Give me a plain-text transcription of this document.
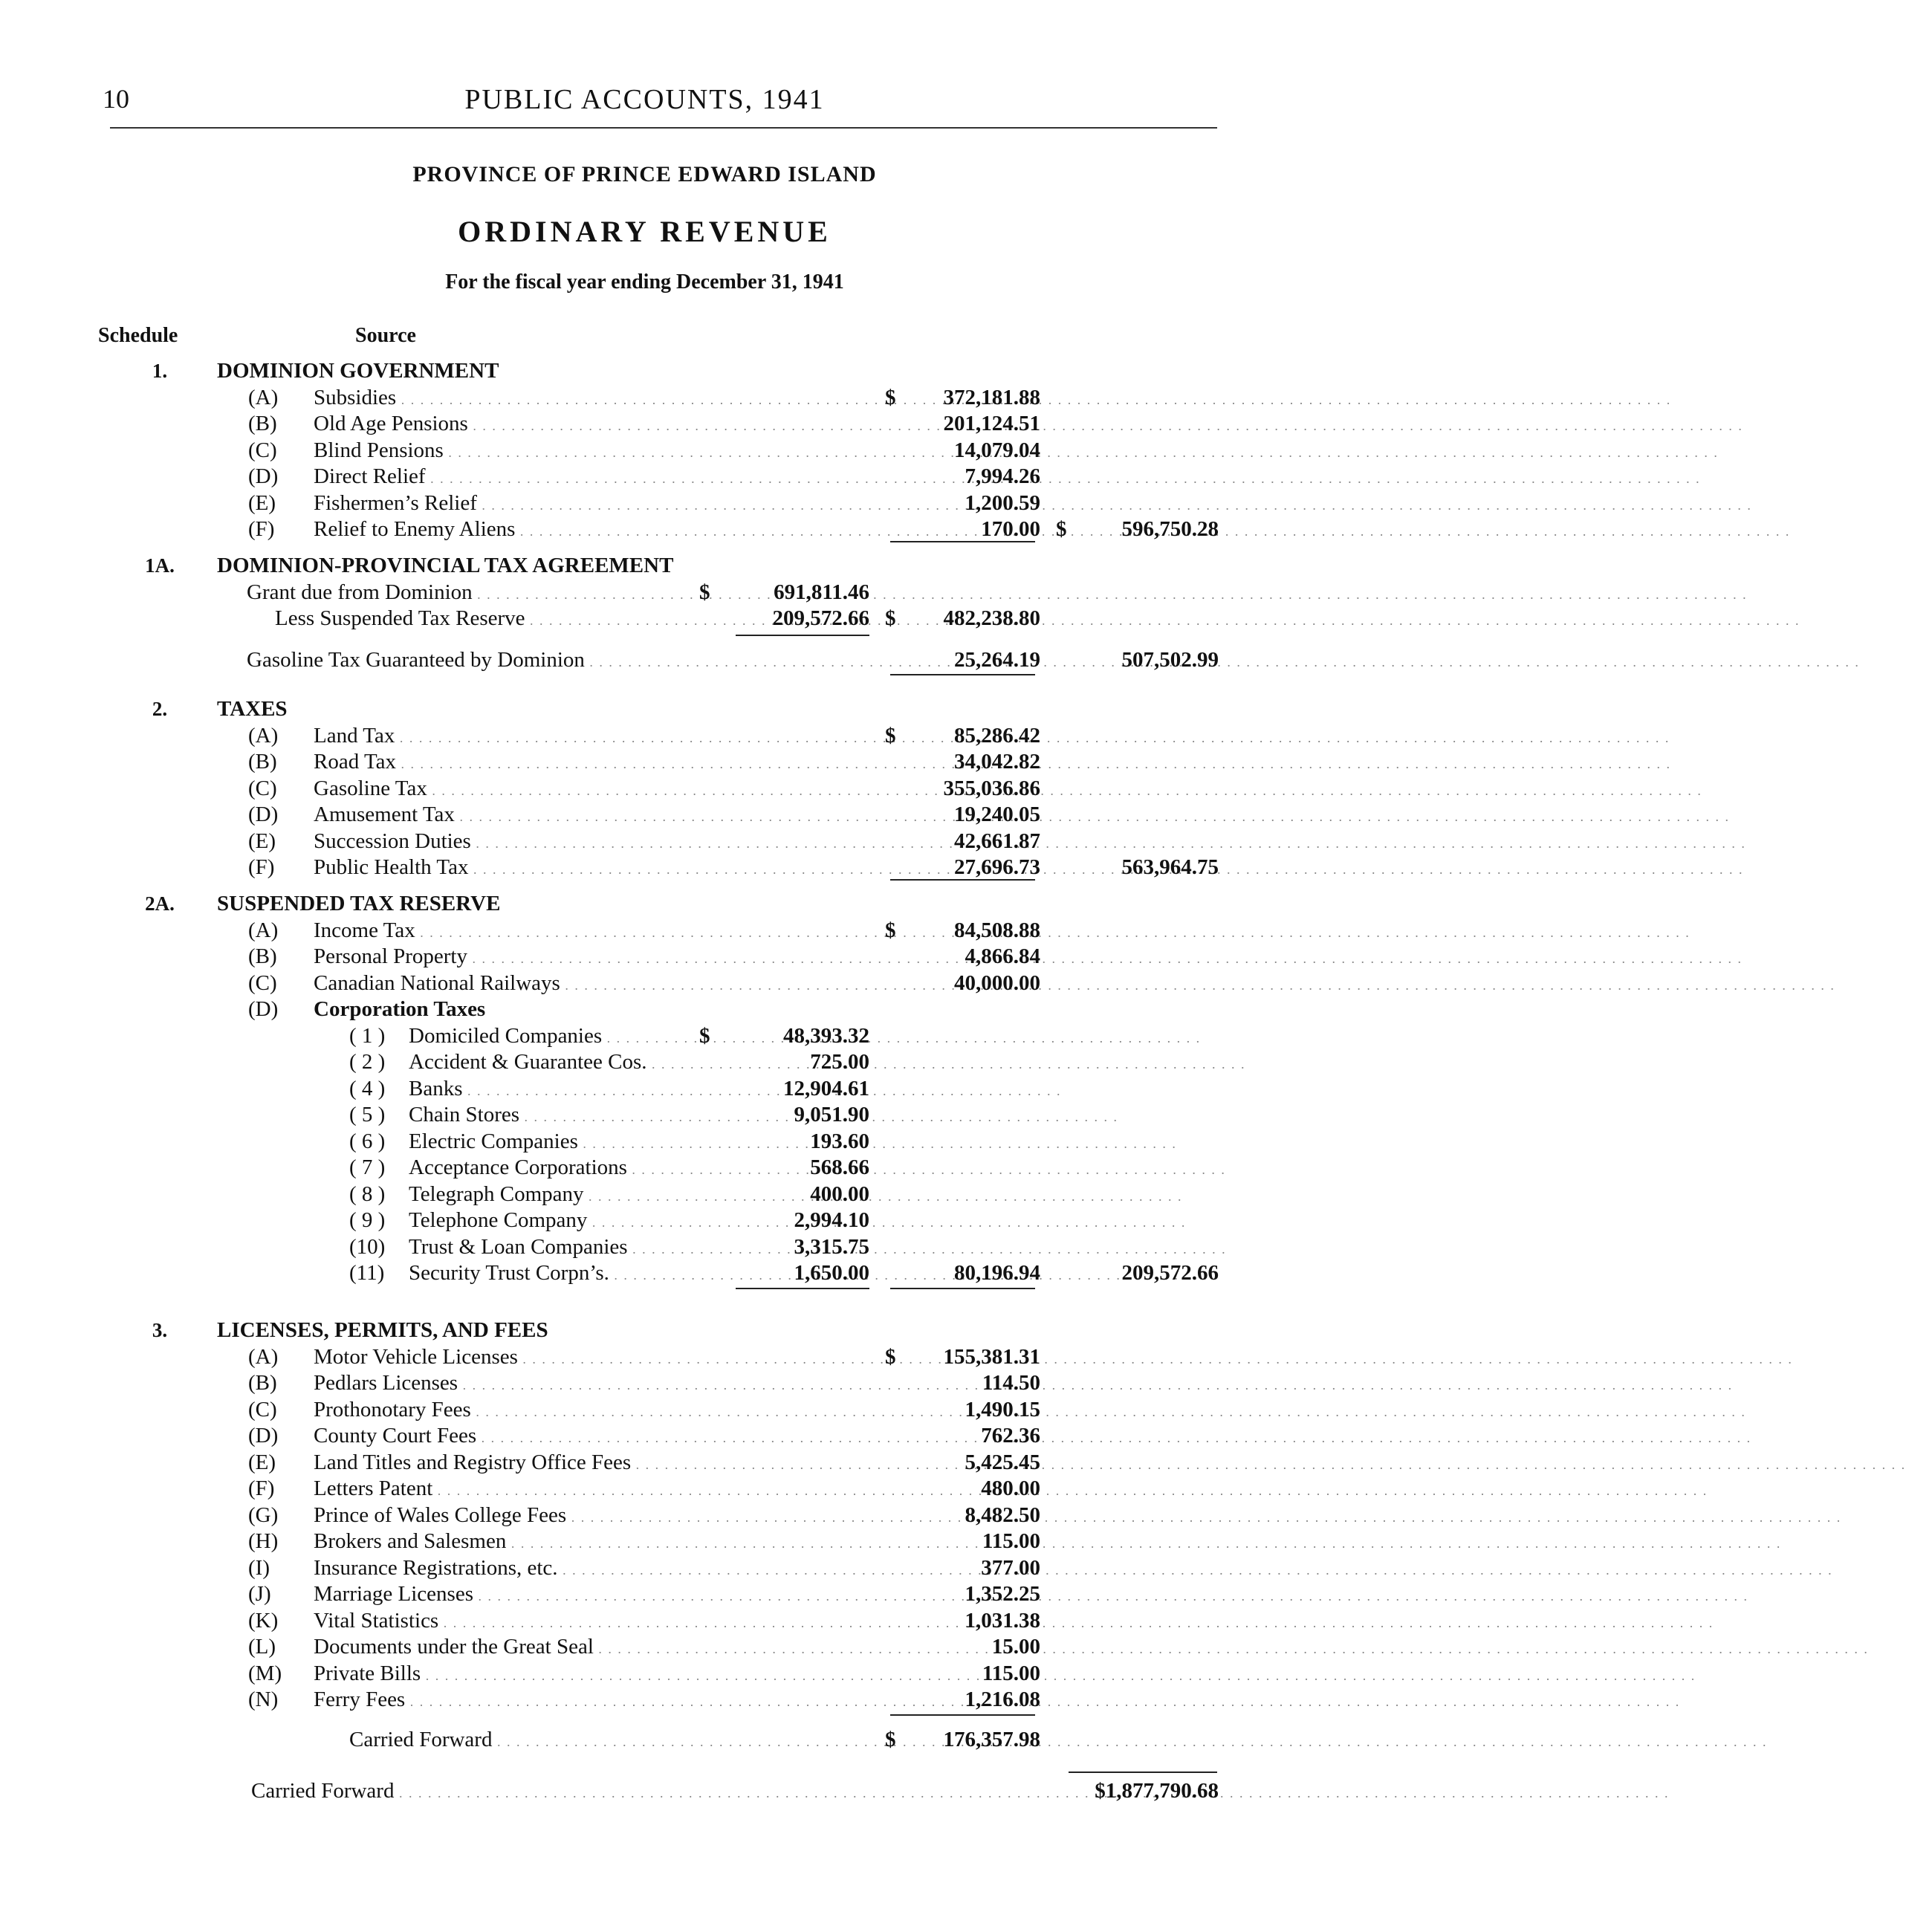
10	PUBLIC ACCOUNTS, 1941
PROVINCE OF PRINCE EDWARD ISLAND
ORDINARY REVENUE
For the fiscal year ending December 31, 1941
Schedule	Source
1.	DOMINION GOVERNMENT
(A) Subsidies . . .	$	372,181.88
(B) Old Age Pensions . . .	201,124.51
(C) Blind Pensions . . .	14,079.04
(D) Direct Relief . . .	7,994.26
(E) Fishermen’s Relief . . .	1,200.59
(F) Relief to Enemy Aliens . . .	170.00 $	596,750.28
1A.	DOMINION-PROVINCIAL TAX AGREEMENT
Grant due from Dominion . . .	$	691,811.46
Less Suspended Tax Reserve . . .	209,572.66 $	482,238.80
Gasoline Tax Guaranteed by Dominion . . .	25,264.19	507,502.99
2.	TAXES
(A) Land Tax . . .	$	85,286.42
(B) Road Tax . . .	34,042.82
(C) Gasoline Tax . . .	355,036.86
(D) Amusement Tax . . .	19,240.05
(E) Succession Duties . . .	42,661.87
(F) Public Health Tax . . .	27,696.73	563,964.75
2A.	SUSPENDED TAX RESERVE
(A) Income Tax . . .	$	84,508.88
(B) Personal Property . . .	4,866.84
(C) Canadian National Railways . . .	40,000.00
(D) Corporation Taxes
( 1 ) Domiciled Companies . . .	$	48,393.32
( 2 ) Accident & Guarantee Cos. . . .	725.00
( 4 ) Banks . . .	12,904.61
( 5 ) Chain Stores . . .	9,051.90
( 6 ) Electric Companies . . .	193.60
( 7 ) Acceptance Corporations . . .	568.66
( 8 ) Telegraph Company . . .	400.00
( 9 ) Telephone Company . . .	2,994.10
(10) Trust & Loan Companies . . .	3,315.75
(11) Security Trust Corpn’s. . . .	1,650.00	80,196.94	209,572.66
3.	LICENSES, PERMITS, AND FEES
(A) Motor Vehicle Licenses . . .	$	155,381.31
(B) Pedlars Licenses . . .	114.50
(C) Prothonotary Fees . . .	1,490.15
(D) County Court Fees . . .	762.36
(E) Land Titles and Registry Office Fees . . .	5,425.45
(F) Letters Patent . . .	480.00
(G) Prince of Wales College Fees . . .	8,482.50
(H) Brokers and Salesmen . . .	115.00
(I) Insurance Registrations, etc. . . .	377.00
(J) Marriage Licenses . . .	1,352.25
(K) Vital Statistics . . .	1,031.38
(L) Documents under the Great Seal . . .	15.00
(M) Private Bills . . .	115.00
(N) Ferry Fees . . .	1,216.08
Carried Forward . . .	$	176,357.98
Carried Forward . . .	$1,877,790.68
